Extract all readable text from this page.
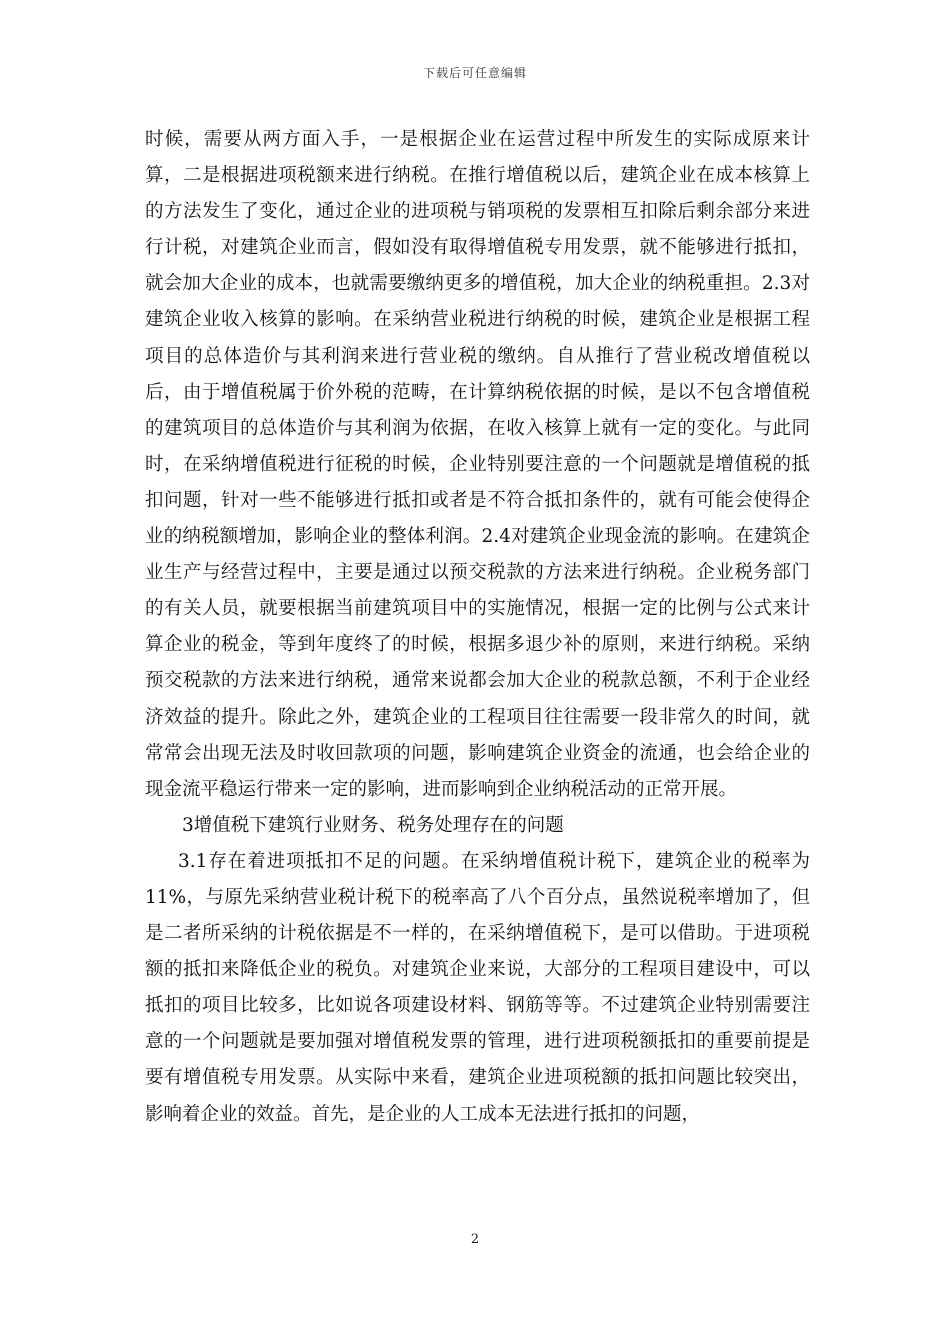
下载后可任意编辑

时候，需要从两方面入手，一是根据企业在运营过程中所发生的实际成原来计算，二是根据进项税额来进行纳税。在推行增值税以后，建筑企业在成本核算上的方法发生了变化，通过企业的进项税与销项税的发票相互扣除后剩余部分来进行计税，对建筑企业而言，假如没有取得增值税专用发票，就不能够进行抵扣，就会加大企业的成本，也就需要缴纳更多的增值税，加大企业的纳税重担。2.3对建筑企业收入核算的影响。在采纳营业税进行纳税的时候，建筑企业是根据工程项目的总体造价与其利润来进行营业税的缴纳。自从推行了营业税改增值税以后，由于增值税属于价外税的范畴，在计算纳税依据的时候，是以不包含增值税的建筑项目的总体造价与其利润为依据，在收入核算上就有一定的变化。与此同时，在采纳增值税进行征税的时候，企业特别要注意的一个问题就是增值税的抵扣问题，针对一些不能够进行抵扣或者是不符合抵扣条件的，就有可能会使得企业的纳税额增加，影响企业的整体利润。2.4对建筑企业现金流的影响。在建筑企业生产与经营过程中，主要是通过以预交税款的方法来进行纳税。企业税务部门的有关人员，就要根据当前建筑项目中的实施情况，根据一定的比例与公式来计算企业的税金，等到年度终了的时候，根据多退少补的原则，来进行纳税。采纳预交税款的方法来进行纳税，通常来说都会加大企业的税款总额，不利于企业经济效益的提升。除此之外，建筑企业的工程项目往往需要一段非常久的时间，就常常会出现无法及时收回款项的问题，影响建筑企业资金的流通，也会给企业的现金流平稳运行带来一定的影响，进而影响到企业纳税活动的正常开展。

3增值税下建筑行业财务、税务处理存在的问题

3.1存在着进项抵扣不足的问题。在采纳增值税计税下，建筑企业的税率为11%，与原先采纳营业税计税下的税率高了八个百分点，虽然说税率增加了，但是二者所采纳的计税依据是不一样的，在采纳增值税下，是可以借助。于进项税额的抵扣来降低企业的税负。对建筑企业来说，大部分的工程项目建设中，可以抵扣的项目比较多，比如说各项建设材料、钢筋等等。不过建筑企业特别需要注意的一个问题就是要加强对增值税发票的管理，进行进项税额抵扣的重要前提是要有增值税专用发票。从实际中来看，建筑企业进项税额的抵扣问题比较突出，影响着企业的效益。首先，是企业的人工成本无法进行抵扣的问题，

2
